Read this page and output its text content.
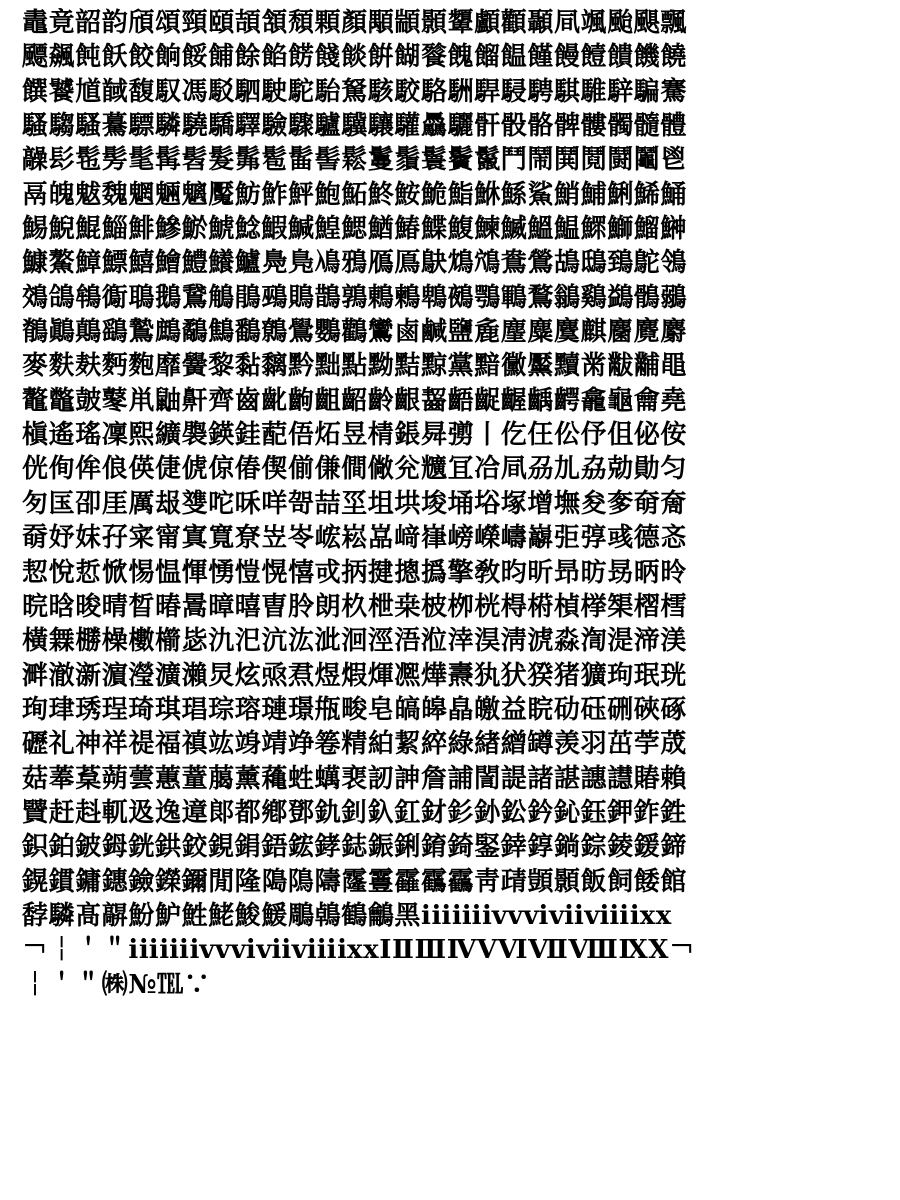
鼃竟韶韵頎頌頸頤頡頷頹顆顏顒顓顥顰顱顴顳凬颯颱颶飄
飃飆飩飫餃餉餒餔餘餡餝餞餤餠餬餮餽餾饂饉饅饐饋饑饒
饌饕馗馘馥馭馮駁駟駛駝駘駑駭駮駱駲駻駸騁騏騅騂騙騫
騷騶騷驀驃驎驍驕驛驗驟驢驥驤驩驫驪骭骰骼髀髏髑髓體
髞髟髢髣髦髯髫髮髴髱髷髻鬆鬘鬚鬟鬢鬣鬥鬧鬨鬩鬪鬮鬯
鬲魄魃魏魍魎魑魘魴鮓鮃鮑鮖鮗鮟鮠鮨鮴鯀鯊鮹鯆鯏鯑鯒
鯣鯢鯤鯔鯡鰺鯲鯱鯰鰕鰔鰉鰓鰌鰆鰈鰒鰊鰄鰮鰛鰥鰤鰡鰰
鱇鰲鱆鰾鱚鱠鱧鱶鱸鳧鳬鳰鴉鴈鳫鴃鴆鴪鴦鶯鴣鴟鵄鴕鴒
鵁鴿鴾鵆鵈鵝鵞鵤鵑鵐鵙鵲鶉鶇鶫鵯鵺鶚鶤鶩鶲鷄鷁鶻鶸
鶺鷆鷏鷂鷙鷓鷸鷦鷭鷯鷽鸚鸛鸞鹵鹹鹽麁麈麋麌麒麕麑麝
麥麩麸麪麭靡黌黎黏黐黔黜點黝黠黥黨黯黴黶黷黹黻黼黽
鼇鼈皷鼕鼡鼬鼾齊齒齔齣齟齠齡齦齧齬齪齷齲齶龕龜龠堯
槇遙瑤凜熙纊褜鍈銈蓜俉炻昱棈鋹曻彅丨仡仼伀伃伹佖侒
侊侚侔俍偀倢俿倞偆偰偂傔僴僘兊兤冝冾凬刕劜劦勀勛匀
匇匤卲厓厲叝﨎咜咊咩哿喆坙坥垬埈埇﨏塚增墲夋奓奛奝
奣妤妺孖寀甯寘寬尞岦岺峵崧嵓﨑嵂嵭嶸嶹巐弡弴彧德忞
恝悅悊惞惕愠惲愑愷愰憘戓抦揵摠撝擎敎昀昕昻昉昮昞昤
晥晗晙晴晳暙暠暲暿曺朎朗杦枻桒柀栁桄棏﨓楨﨔榘槢樰
橫橆橳橾櫢櫤毖氿汜沆汯泚洄涇浯涖涬淏淸淲淼渹湜渧渼
溿澈澵濵瀅瀇瀨炅炫焏焄煜煆煇凞燁燾犱犾猤猪獷玽珉珖
珣珒琇珵琦琪琩琮瑢璉璟甁畯皂皜皞皛皦益睆劯砡硎硤硺
礰礼神祥禔福禛竑竧靖竫箞精絈絜綷綠緖繒罇羡羽茁荢荿
菇菶葈蒴蕓蕙蕫﨟薰蘒﨡蠇裵訒訷詹誧誾諟諸諶譓譿賰賴
贒赶﨣軏﨤逸遧郞都鄕鄧釚釗釞釭釮釤釥鈆鈐鈊鈺鉀鈼鉎
鉙鉑鈹鉧銧鉷鉸鋧鋗鋙鋐﨧鋕鋠鋓錥錡鋻﨨錞鋿錝錂鍰鍗
鎤鏆鏞鏸鐱鑅鑈閒隆﨩隝隯霳霻靃靍靏靑靕顗顥飯飼餧館
馞驎髙髜魵魲鮏鮱鮻鰀鵰鵫鶴鸙黑ⅰⅱⅲⅳⅴⅵⅶⅷⅸⅹ
￢￤＇＂ⅰⅱⅲⅳⅴⅵⅶⅷⅸⅹⅠⅡⅢⅣⅤⅥⅦⅧⅨⅩ￢
￤＇＂㈱№℡∵
